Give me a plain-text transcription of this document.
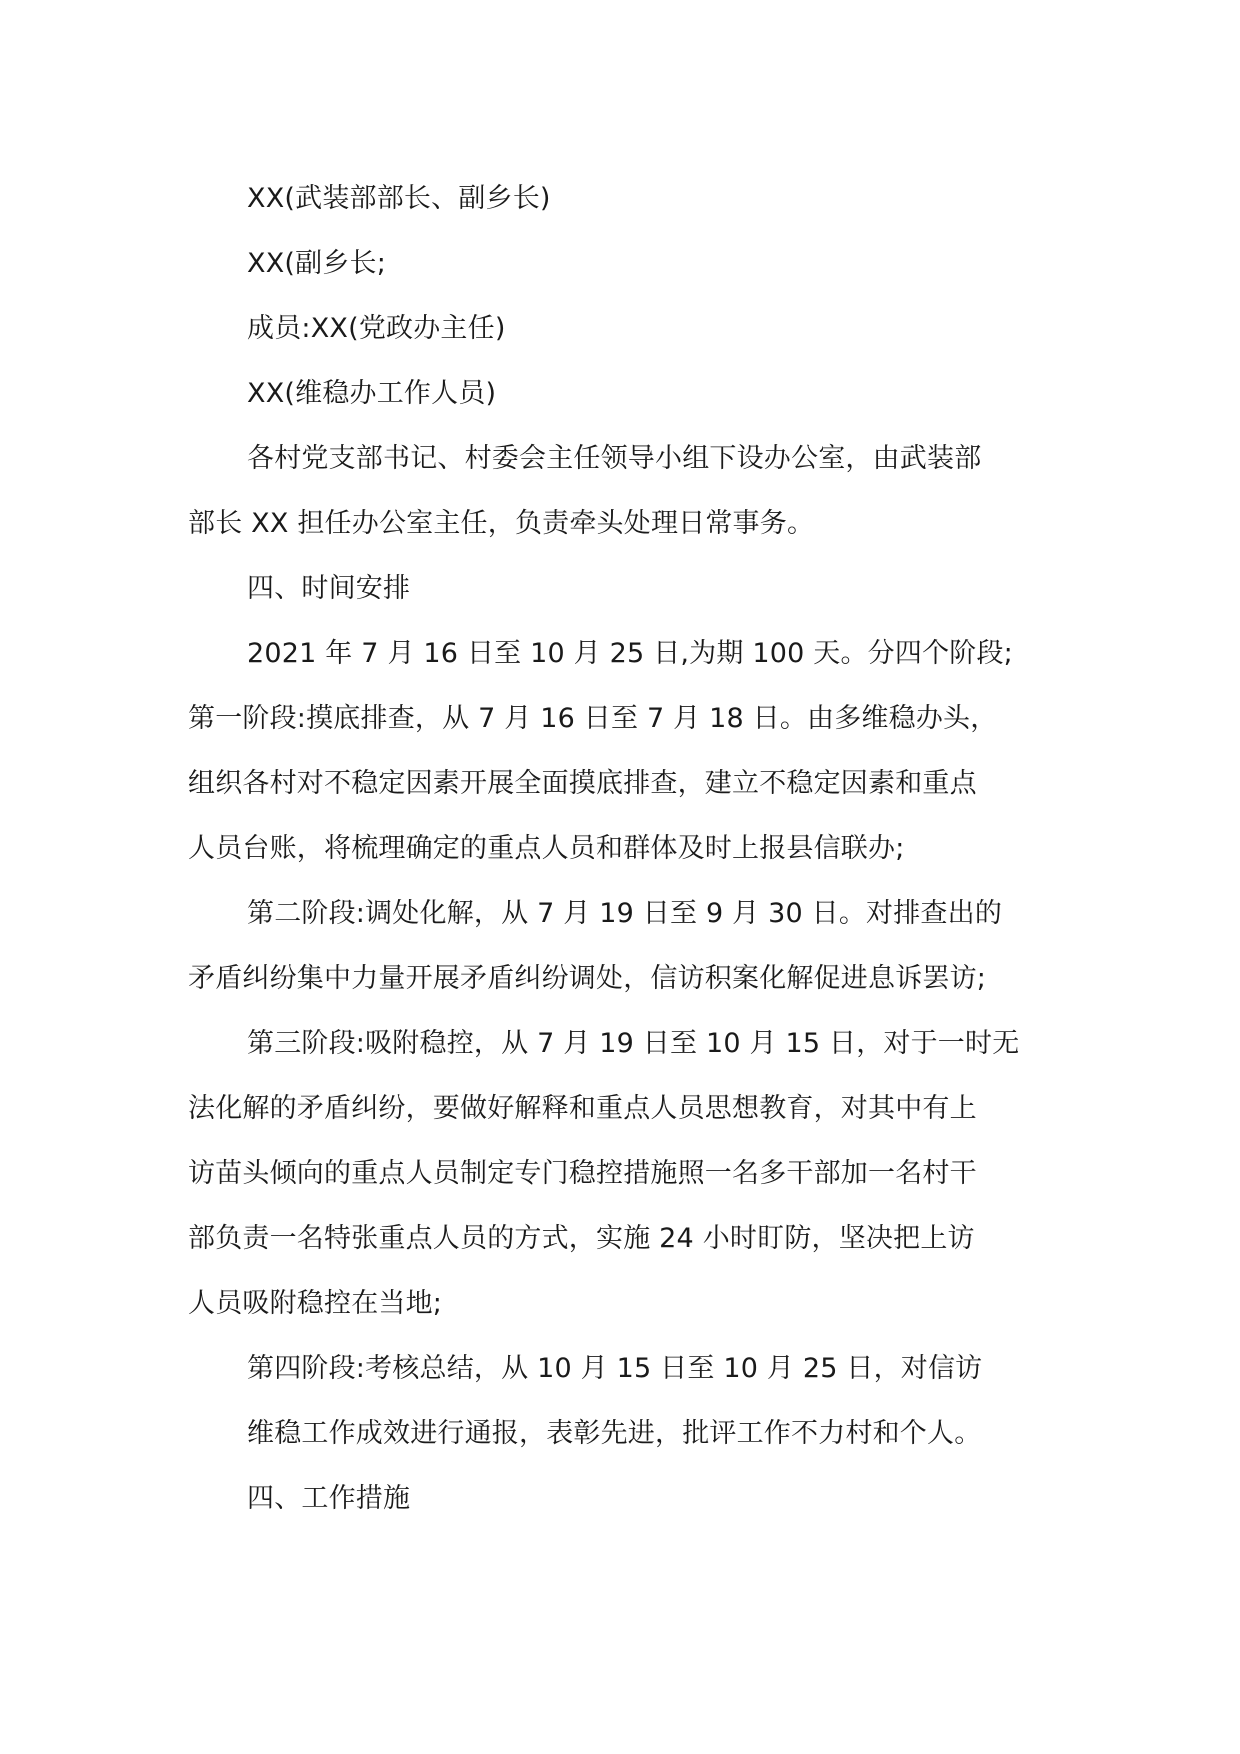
XX(武装部部长、副乡长)
XX(副乡长;
成员:XX(党政办主任)
XX(维稳办工作人员)
各村党支部书记、村委会主任领导小组下设办公室，由武装部
部长 XX 担任办公室主任，负责牵头处理日常事务。
四、时间安排
2021 年 7 月 16 日至 10 月 25 日,为期 100 天。分四个阶段;
第一阶段:摸底排查，从 7 月 16 日至 7 月 18 日。由多维稳办头，
组织各村对不稳定因素开展全面摸底排查，建立不稳定因素和重点
人员台账，将梳理确定的重点人员和群体及时上报县信联办;
第二阶段:调处化解，从 7 月 19 日至 9 月 30 日。对排查出的
矛盾纠纷集中力量开展矛盾纠纷调处，信访积案化解促进息诉罢访;
第三阶段:吸附稳控，从 7 月 19 日至 10 月 15 日，对于一时无
法化解的矛盾纠纷，要做好解释和重点人员思想教育，对其中有上
访苗头倾向的重点人员制定专门稳控措施照一名多干部加一名村干
部负责一名特张重点人员的方式，实施 24 小时盯防，坚决把上访
人员吸附稳控在当地;
第四阶段:考核总结，从 10 月 15 日至 10 月 25 日，对信访
维稳工作成效进行通报，表彰先进，批评工作不力村和个人。
四、工作措施
